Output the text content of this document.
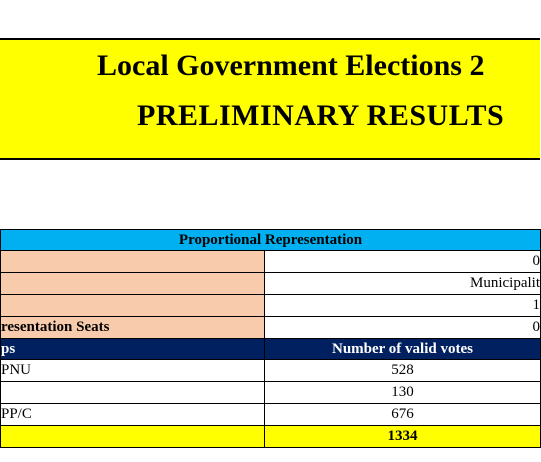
Local Government Elections 2
PRELIMINARY RESULTS
Proportional Representation	
	0
	Municipalit
	1
resentation Seats	0
ps	Number of valid votes
PNU	528
	130
PP/C	676
	1334
